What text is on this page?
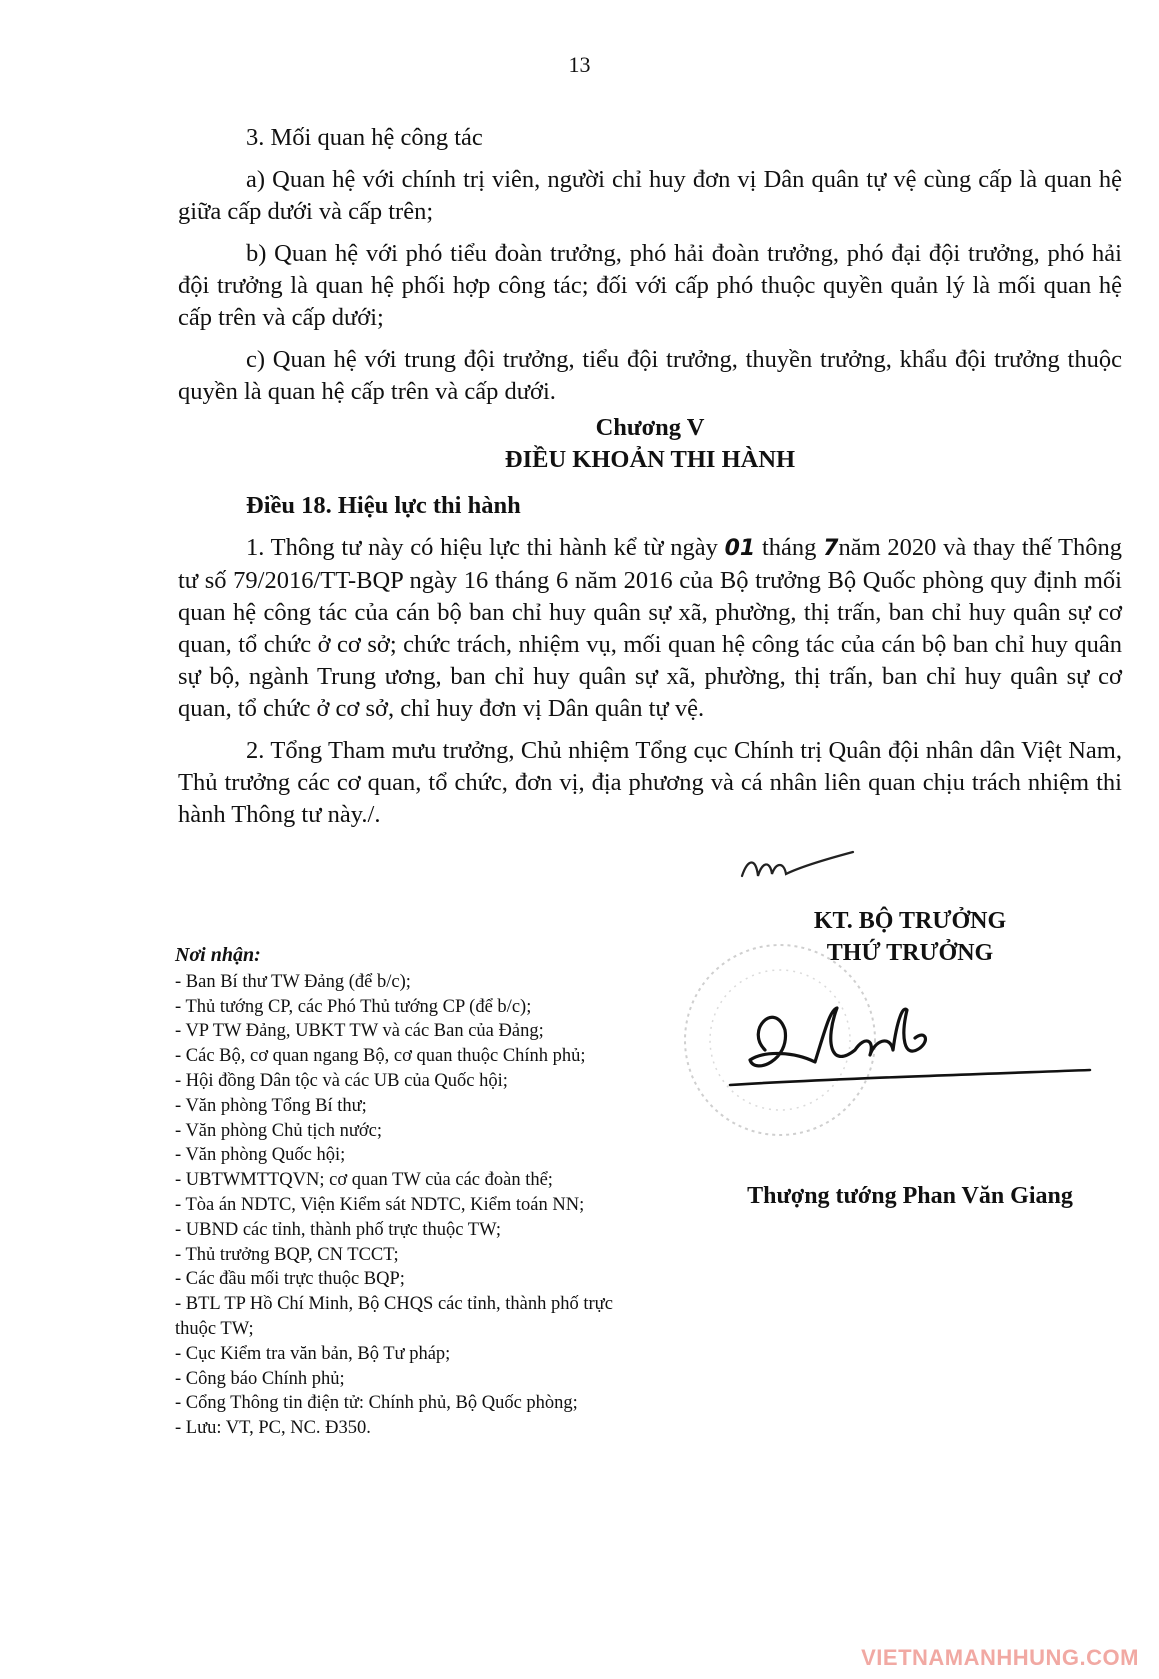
13

3. Mối quan hệ công tác

a) Quan hệ với chính trị viên, người chỉ huy đơn vị Dân quân tự vệ cùng cấp là quan hệ giữa cấp dưới và cấp trên;

b) Quan hệ với phó tiểu đoàn trưởng, phó hải đoàn trưởng, phó đại đội trưởng, phó hải đội trưởng là quan hệ phối hợp công tác; đối với cấp phó thuộc quyền quản lý là mối quan hệ cấp trên và cấp dưới;

c) Quan hệ với trung đội trưởng, tiểu đội trưởng, thuyền trưởng, khẩu đội trưởng thuộc quyền là quan hệ cấp trên và cấp dưới.

Chương V
ĐIỀU KHOẢN THI HÀNH
Điều 18. Hiệu lực thi hành

1. Thông tư này có hiệu lực thi hành kể từ ngày 01 tháng 7năm 2020 và thay thế Thông tư số 79/2016/TT-BQP ngày 16 tháng 6 năm 2016 của Bộ trưởng Bộ Quốc phòng quy định mối quan hệ công tác của cán bộ ban chỉ huy quân sự xã, phường, thị trấn, ban chỉ huy quân sự cơ quan, tổ chức ở cơ sở; chức trách, nhiệm vụ, mối quan hệ công tác của cán bộ ban chỉ huy quân sự bộ, ngành Trung ương, ban chỉ huy quân sự xã, phường, thị trấn, ban chỉ huy quân sự cơ quan, tổ chức ở cơ sở, chỉ huy đơn vị Dân quân tự vệ.

2. Tổng Tham mưu trưởng, Chủ nhiệm Tổng cục Chính trị Quân đội nhân dân Việt Nam, Thủ trưởng các cơ quan, tổ chức, đơn vị, địa phương và cá nhân liên quan chịu trách nhiệm thi hành Thông tư này./.

Nơi nhận:
- Ban Bí thư TW Đảng (để b/c);
- Thủ tướng CP, các Phó Thủ tướng CP (để b/c);
- VP TW Đảng, UBKT TW và các Ban của Đảng;
- Các Bộ, cơ quan ngang Bộ, cơ quan thuộc Chính phủ;
- Hội đồng Dân tộc và các UB của Quốc hội;
- Văn phòng Tổng Bí thư;
- Văn phòng Chủ tịch nước;
- Văn phòng Quốc hội;
- UBTWMTTQVN; cơ quan TW của các đoàn thể;
- Tòa án NDTC, Viện Kiểm sát NDTC, Kiểm toán NN;
- UBND các tỉnh, thành phố trực thuộc TW;
- Thủ trưởng BQP, CN TCCT;
- Các đầu mối trực thuộc BQP;
- BTL TP Hồ Chí Minh, Bộ CHQS các tỉnh, thành phố trực thuộc TW;
- Cục Kiểm tra văn bản, Bộ Tư pháp;
- Công báo Chính phủ;
- Cổng Thông tin điện tử: Chính phủ, Bộ Quốc phòng;
- Lưu: VT, PC, NC. Đ350.
KT. BỘ TRƯỞNG
THỨ TRƯỞNG
Thượng tướng Phan Văn Giang
VIETNAMANHHUNG.COM
